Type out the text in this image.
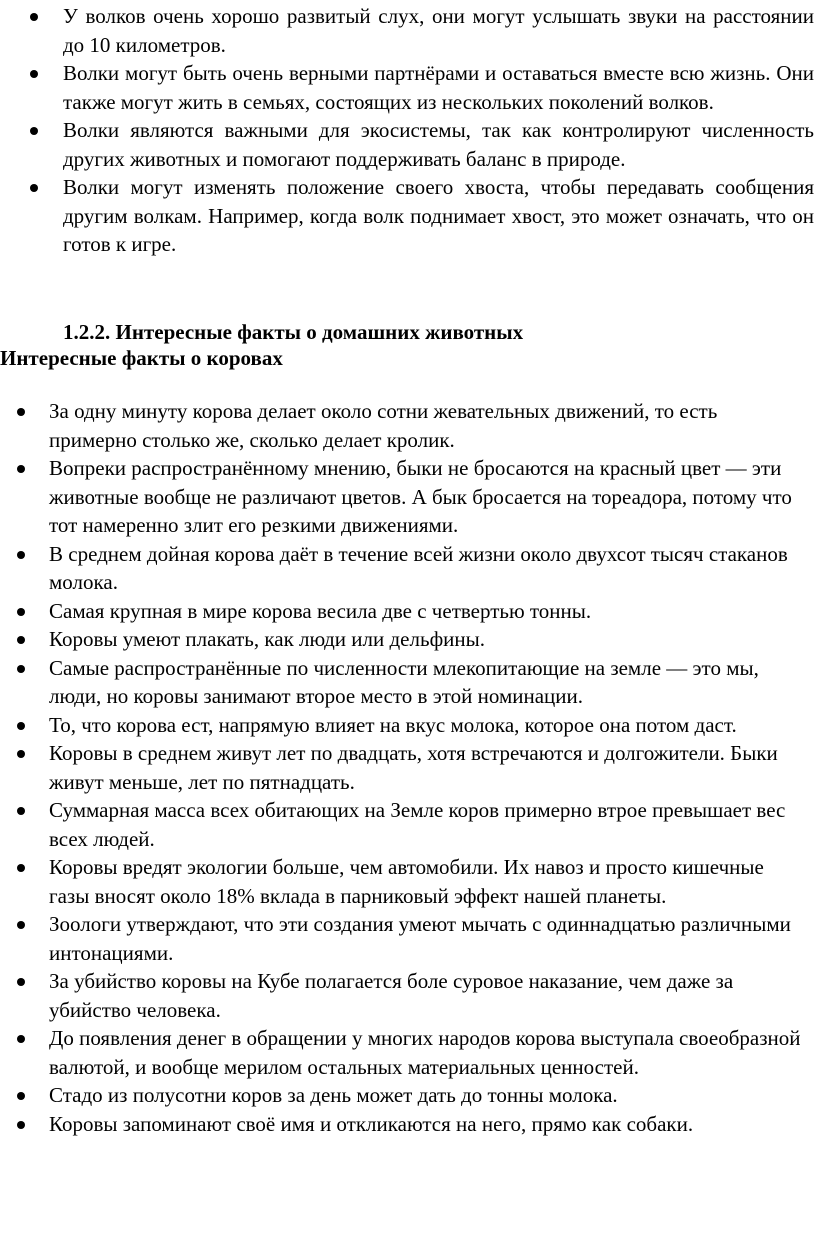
У волков очень хорошо развитый слух, они могут услышать звуки на расстоянии до 10 километров.
Волки могут быть очень верными партнёрами и оставаться вместе всю жизнь. Они также могут жить в семьях, состоящих из нескольких поколений волков.
Волки являются важными для экосистемы, так как контролируют численность других животных и помогают поддерживать баланс в природе.
Волки могут изменять положение своего хвоста, чтобы передавать сообщения другим волкам. Например, когда волк поднимает хвост, это может означать, что он готов к игре.
1.2.2. Интересные факты о домашних животных
Интересные факты о коровах
За одну минуту корова делает около сотни жевательных движений, то есть примерно столько же, сколько делает кролик.
Вопреки распространённому мнению, быки не бросаются на красный цвет — эти животные вообще не различают цветов. А бык бросается на тореадора, потому что тот намеренно злит его резкими движениями.
В среднем дойная корова даёт в течение всей жизни около двухсот тысяч стаканов молока.
Самая крупная в мире корова весила две с четвертью тонны.
Коровы умеют плакать, как люди или дельфины.
Самые распространённые по численности млекопитающие на земле — это мы, люди, но коровы занимают второе место в этой номинации.
То, что корова ест, напрямую влияет на вкус молока, которое она потом даст.
Коровы в среднем живут лет по двадцать, хотя встречаются и долгожители. Быки живут меньше, лет по пятнадцать.
Суммарная масса всех обитающих на Земле коров примерно втрое превышает вес всех людей.
Коровы вредят экологии больше, чем автомобили. Их навоз и просто кишечные газы вносят около 18% вклада в парниковый эффект нашей планеты.
Зоологи утверждают, что эти создания умеют мычать с одиннадцатью различными интонациями.
За убийство коровы на Кубе полагается боле суровое наказание, чем даже за убийство человека.
До появления денег в обращении у многих народов корова выступала своеобразной валютой, и вообще мерилом остальных материальных ценностей.
Стадо из полусотни коров за день может дать до тонны молока.
Коровы запоминают своё имя и откликаются на него, прямо как собаки.
